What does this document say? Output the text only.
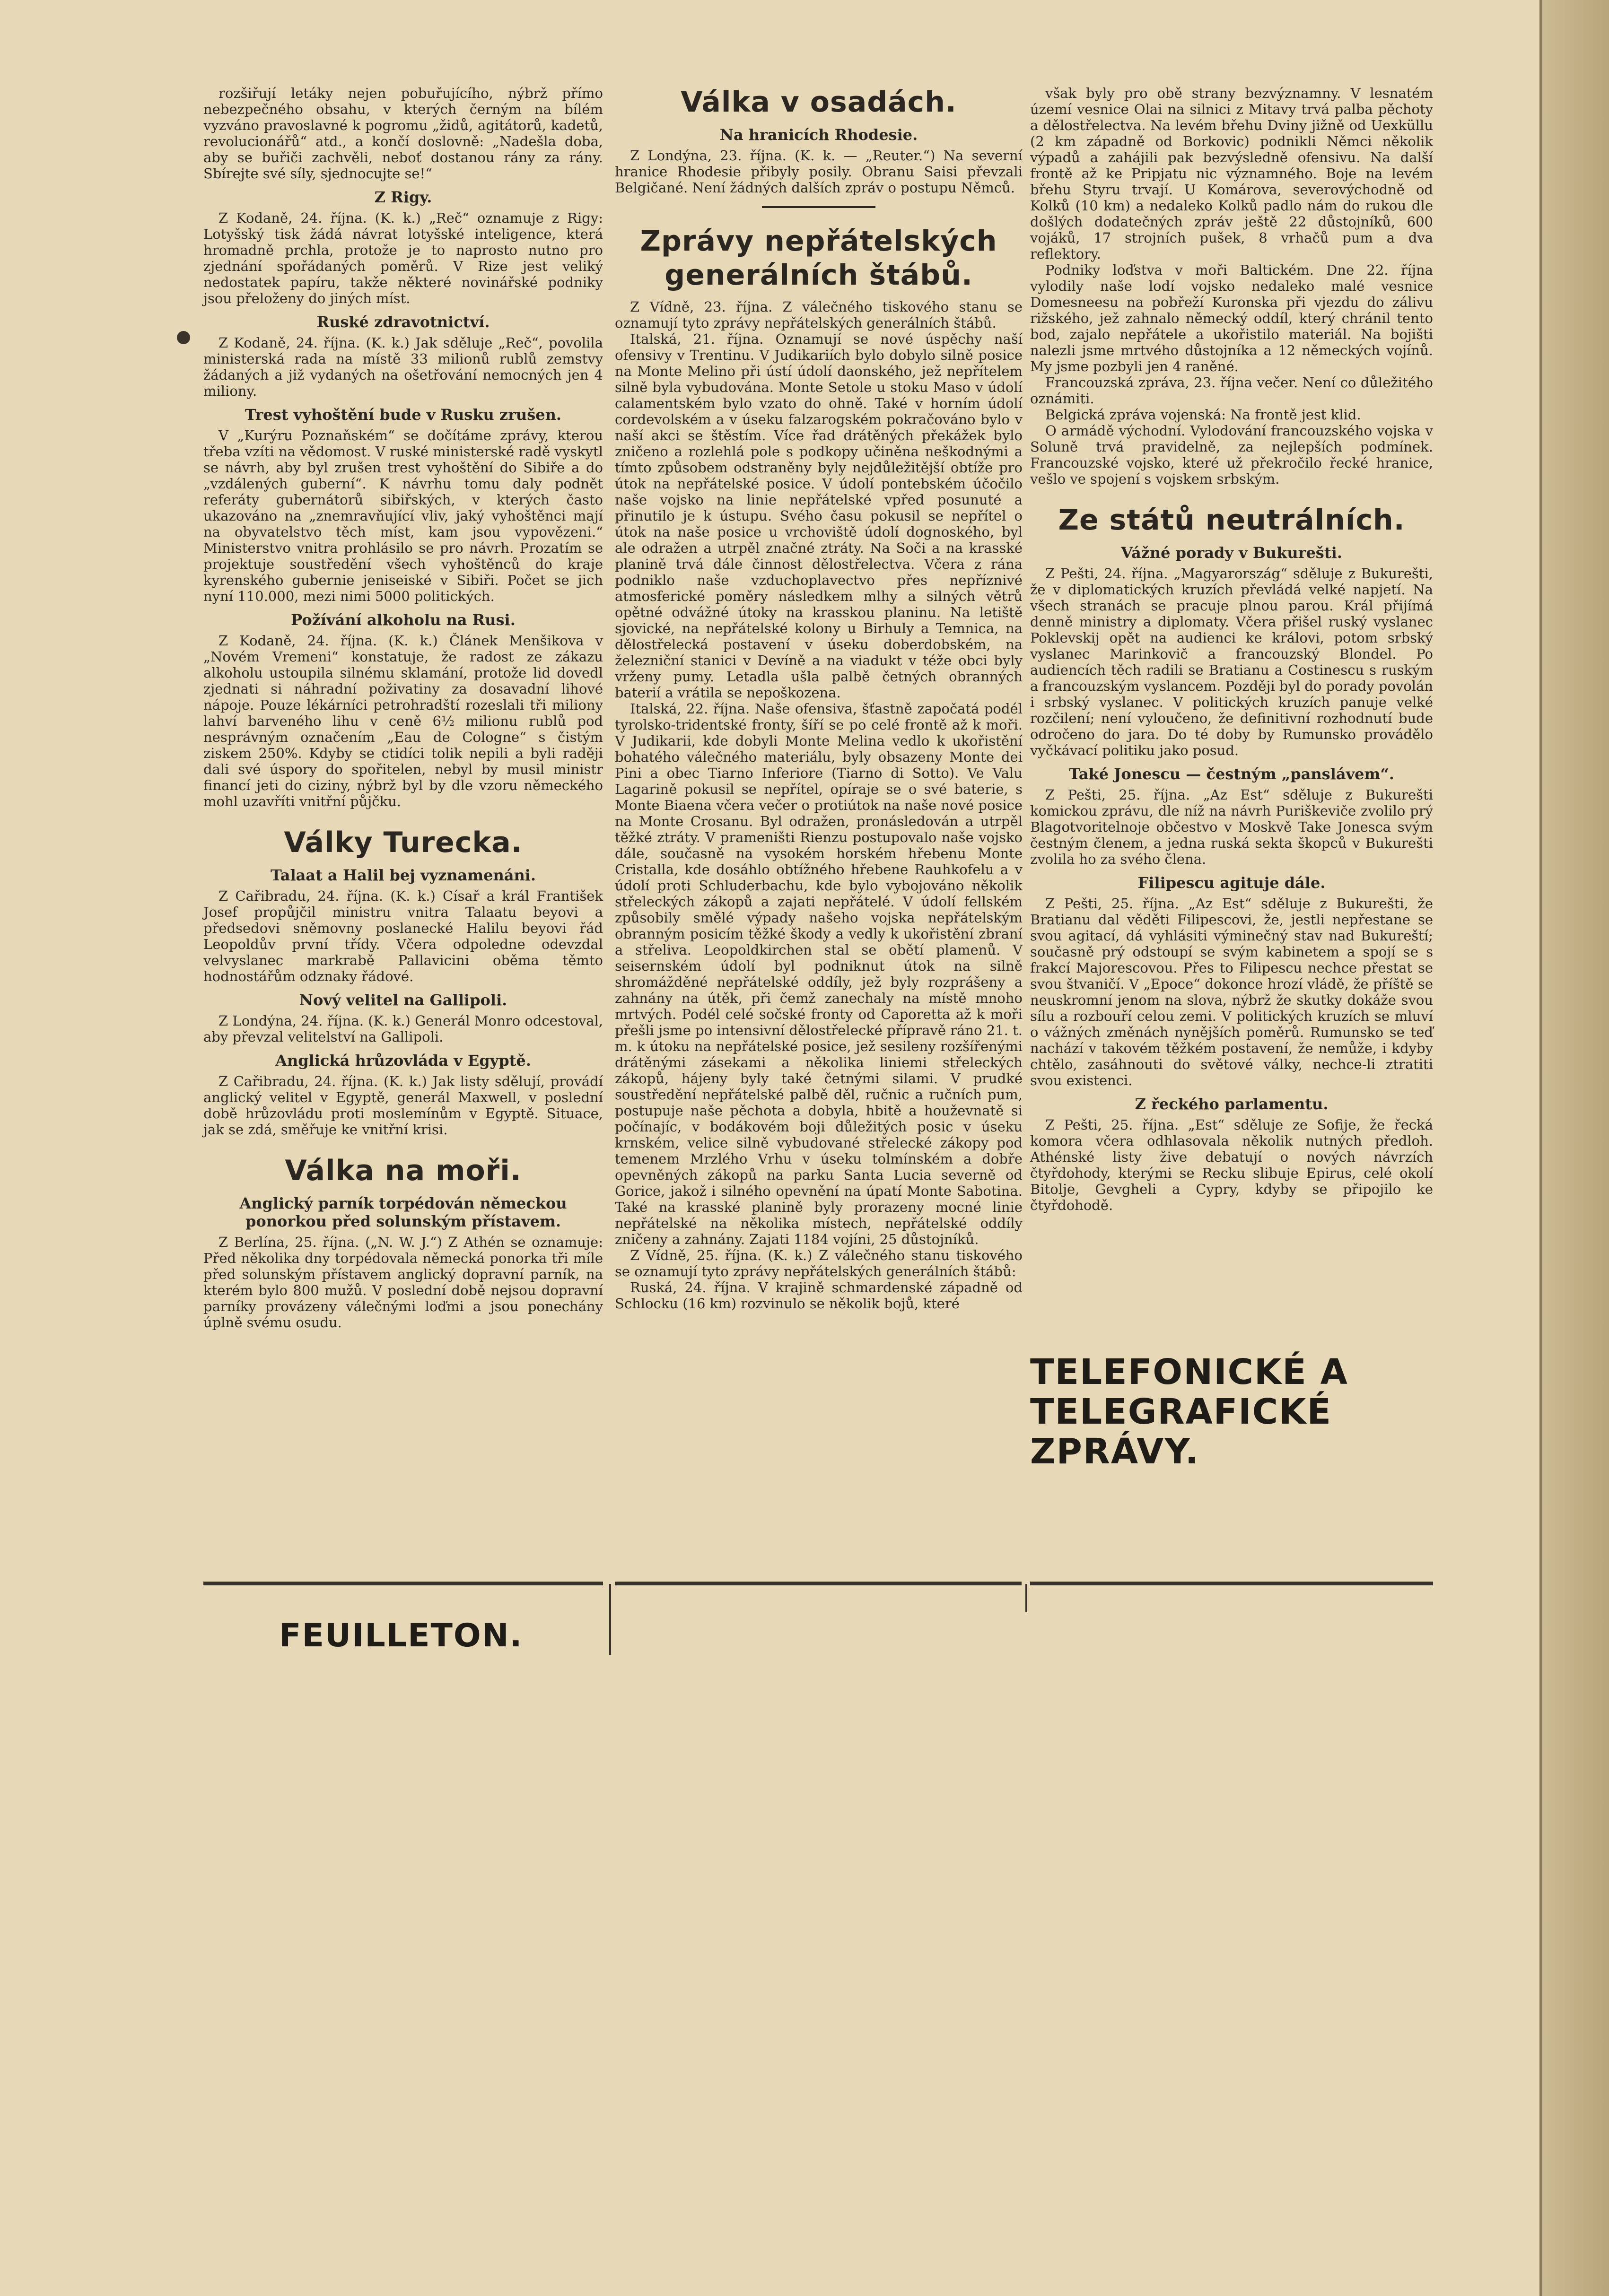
rozšiřují letáky nejen pobuřujícího, nýbrž přímo nebezpečného obsahu, v kterých černým na bílém vyzváno pravoslavné k pogromu „židů, agitátorů, kadetů, revolucionářů“ atd., a končí doslovně: „Nadešla doba, aby se buřiči zachvěli, neboť dostanou rány za rány. Sbírejte své síly, sjednocujte se!“

Z Rigy.

Z Kodaně, 24. října. (K. k.) „Reč“ oznamuje z Rigy: Lotyšský tisk žádá návrat lotyšské inteligence, která hromadně prchla, protože je to naprosto nutno pro zjednání spořádaných poměrů. V Rize jest veliký nedostatek papíru, takže některé novinářské podniky jsou přeloženy do jiných míst.

Ruské zdravotnictví.

Z Kodaně, 24. října. (K. k.) Jak sděluje „Reč“, povolila ministerská rada na místě 33 milionů rublů zemstvy žádaných a již vydaných na ošetřování nemocných jen 4 miliony.

Trest vyhoštění bude v Rusku zrušen.

V „Kurýru Poznaňském“ se dočítáme zprávy, kterou třeba vzíti na vědomost. V ruské ministerské radě vyskytl se návrh, aby byl zrušen trest vyhoštění do Sibiře a do „vzdálených guberní“. K návrhu tomu daly podnět referáty gubernátorů sibiřských, v kterých často ukazováno na „znemravňující vliv, jaký vyhoštěnci mají na obyvatelstvo těch míst, kam jsou vypovězeni.“ Ministerstvo vnitra prohlásilo se pro návrh. Prozatím se projektuje soustředění všech vyhoštěnců do kraje kyrenského gubernie jeniseiské v Sibiři. Počet se jich nyní 110.000, mezi nimi 5000 politických.

Požívání alkoholu na Rusi.

Z Kodaně, 24. října. (K. k.) Článek Menšikova v „Novém Vremeni“ konstatuje, že radost ze zákazu alkoholu ustoupila silnému sklamání, protože lid dovedl zjednati si náhradní poživatiny za dosavadní lihové nápoje. Pouze lékárníci petrohradští rozeslali tři miliony lahví barveného lihu v ceně 6½ milionu rublů pod nesprávným označením „Eau de Cologne“ s čistým ziskem 250%. Kdyby se ctidíci tolik nepili a byli raději dali své úspory do spořitelen, nebyl by musil ministr financí jeti do ciziny, nýbrž byl by dle vzoru německého mohl uzavříti vnitřní půjčku.

Války Turecka.
Talaat a Halil bej vyznamenáni.

Z Cařibradu, 24. října. (K. k.) Císař a král František Josef propůjčil ministru vnitra Talaatu beyovi a předsedovi sněmovny poslanecké Halilu beyovi řád Leopoldův první třídy. Včera odpoledne odevzdal velvyslanec markrabě Pallavicini oběma těmto hodnostářům odznaky řádové.

Nový velitel na Gallipoli.

Z Londýna, 24. října. (K. k.) Generál Monro odcestoval, aby převzal velitelství na Gallipoli.

Anglická hrůzovláda v Egyptě.

Z Cařibradu, 24. října. (K. k.) Jak listy sdělují, provádí anglický velitel v Egyptě, generál Maxwell, v poslední době hrůzovládu proti moslemínům v Egyptě. Situace, jak se zdá, směřuje ke vnitřní krisi.

Válka na moři.
Anglický parník torpédován německou ponorkou před solunským přístavem.

Z Berlína, 25. října. („N. W. J.“) Z Athén se oznamuje: Před několika dny torpédovala německá ponorka tři míle před solunským přístavem anglický dopravní parník, na kterém bylo 800 mužů. V poslední době nejsou dopravní parníky provázeny válečnými loďmi a jsou ponechány úplně svému osudu.

Válka v osadách.
Na hranicích Rhodesie.

Z Londýna, 23. října. (K. k. — „Reuter.“) Na severní hranice Rhodesie přibyly posily. Obranu Saisi převzali Belgičané. Není žádných dalších zpráv o postupu Němců.

Zprávy nepřátelských generálních štábů.

Z Vídně, 23. října. Z válečného tiskového stanu se oznamují tyto zprávy nepřátelských generálních štábů.

Italská, 21. října. Oznamují se nové úspěchy naší ofensivy v Trentinu. V Judikariích bylo dobylo silně posice na Monte Melino při ústí údolí daonského, jež nepřítelem silně byla vybudována. Monte Setole u stoku Maso v údolí calamentském bylo vzato do ohně. Také v horním údolí cordevolském a v úseku falzarogském pokračováno bylo v naší akci se štěstím. Více řad drátěných překážek bylo zničeno a rozlehlá pole s podkopy učiněna neškodnými a tímto způsobem odstraněny byly nejdůležitější obtíže pro útok na nepřátelské posice. V údolí pontebském účočilo naše vojsko na linie nepřátelské vpřed posunuté a přinutilo je k ústupu. Svého času pokusil se nepřítel o útok na naše posice u vrchoviště údolí dognoského, byl ale odražen a utrpěl značné ztráty. Na Soči a na krasské planině trvá dále činnost dělostřelectva. Včera z rána podniklo naše vzduchoplavectvo přes nepříznivé atmosferické poměry následkem mlhy a silných větrů opětné odvážné útoky na krasskou planinu. Na letiště sjovické, na nepřátelské kolony u Birhuly a Temnica, na dělostřelecká postavení v úseku doberdobském, na železniční stanici v Devíně a na viadukt v téže obci byly vrženy pumy. Letadla ušla palbě četných obranných baterií a vrátila se nepoškozena.

Italská, 22. října. Naše ofensiva, šťastně započatá podél tyrolsko-tridentské fronty, šíří se po celé frontě až k moři. V Judikarii, kde dobyli Monte Melina vedlo k ukořistění bohatého válečného materiálu, byly obsazeny Monte dei Pini a obec Tiarno Inferiore (Tiarno di Sotto). Ve Valu Lagarině pokusil se nepřítel, opíraje se o své baterie, s Monte Biaena včera večer o protiútok na naše nové posice na Monte Crosanu. Byl odražen, pronásledován a utrpěl těžké ztráty. V prameništi Rienzu postupovalo naše vojsko dále, současně na vysokém horském hřebenu Monte Cristalla, kde dosáhlo obtížného hřebene Rauhkofelu a v údolí proti Schluderbachu, kde bylo vybojováno několik střeleckých zákopů a zajati nepřátelé. V údolí fellském způsobily smělé výpady našeho vojska nepřátelským obranným posicím těžké škody a vedly k ukořistění zbraní a střeliva. Leopoldkirchen stal se obětí plamenů. V seisernském údolí byl podniknut útok na silně shromážděné nepřátelské oddíly, jež byly rozprášeny a zahnány na útěk, při čemž zanechaly na místě mnoho mrtvých. Podél celé sočské fronty od Caporetta až k moři přešli jsme po intensivní dělostřelecké přípravě ráno 21. t. m. k útoku na nepřátelské posice, jež sesileny rozšířenými drátěnými zásekami a několika liniemi střeleckých zákopů, hájeny byly také četnými silami. V prudké soustředění nepřátelské palbě děl, ručnic a ručních pum, postupuje naše pěchota a dobyla, hbitě a houževnatě si počínajíc, v bodákovém boji důležitých posic v úseku krnském, velice silně vybudované střelecké zákopy pod temenem Mrzlého Vrhu v úseku tolmínském a dobře opevněných zákopů na parku Santa Lucia severně od Gorice, jakož i silného opevnění na úpatí Monte Sabotina. Také na krasské planině byly prorazeny mocné linie nepřátelské na několika místech, nepřátelské oddíly zničeny a zahnány. Zajati 1184 vojíni, 25 důstojníků.

Z Vídně, 25. října. (K. k.) Z válečného stanu tiskového se oznamují tyto zprávy nepřátelských generálních štábů:

Ruská, 24. října. V krajině schmardenské západně od Schlocku (16 km) rozvinulo se několik bojů, které

však byly pro obě strany bezvýznamny. V lesnatém území vesnice Olai na silnici z Mitavy trvá palba pěchoty a dělostřelectva. Na levém břehu Dviny jižně od Uexküllu (2 km západně od Borkovic) podnikli Němci několik výpadů a zahájili pak bezvýsledně ofensivu. Na další frontě až ke Pripjatu nic významného. Boje na levém břehu Styru trvají. U Komárova, severovýchodně od Kolků (10 km) a nedaleko Kolků padlo nám do rukou dle došlých dodatečných zpráv ještě 22 důstojníků, 600 vojáků, 17 strojních pušek, 8 vrhačů pum a dva reflektory.

Podniky loďstva v moři Baltickém. Dne 22. října vylodily naše lodí vojsko nedaleko malé vesnice Domesneesu na pobřeží Kuronska při vjezdu do zálivu rižského, jež zahnalo německý oddíl, který chránil tento bod, zajalo nepřátele a ukořistilo materiál. Na bojišti nalezli jsme mrtvého důstojníka a 12 německých vojínů. My jsme pozbyli jen 4 raněné.

Francouzská zpráva, 23. října večer. Není co důležitého oznámiti.

Belgická zpráva vojenská: Na frontě jest klid.

O armádě východní. Vylodování francouzského vojska v Soluně trvá pravidelně, za nejlepších podmínek. Francouzské vojsko, které už překročilo řecké hranice, vešlo ve spojení s vojskem srbským.

Ze států neutrálních.
Vážné porady v Bukurešti.

Z Pešti, 24. října. „Magyarország“ sděluje z Bukurešti, že v diplomatických kruzích převládá velké napjetí. Na všech stranách se pracuje plnou parou. Král přijímá denně ministry a diplomaty. Včera přišel ruský vyslanec Poklevskij opět na audienci ke královi, potom srbský vyslanec Marinkovič a francouzský Blondel. Po audiencích těch radili se Bratianu a Costinescu s ruským a francouzským vyslancem. Později byl do porady povolán i srbský vyslanec. V politických kruzích panuje velké rozčilení; není vyloučeno, že definitivní rozhodnutí bude odročeno do jara. Do té doby by Rumunsko provádělo vyčkávací politiku jako posud.

Také Jonescu — čestným „panslávem“.

Z Pešti, 25. října. „Az Est“ sděluje z Bukurešti komickou zprávu, dle níž na návrh Puriškeviče zvolilo prý Blagotvoritelnoje občestvo v Moskvě Take Jonesca svým čestným členem, a jedna ruská sekta škopců v Bukurešti zvolila ho za svého člena.

Filipescu agituje dále.

Z Pešti, 25. října. „Az Est“ sděluje z Bukurešti, že Bratianu dal věděti Filipescovi, že, jestli nepřestane se svou agitací, dá vyhlásiti výminečný stav nad Bukureští; současně prý odstoupí se svým kabinetem a spojí se s frakcí Majorescovou. Přes to Filipescu nechce přestat se svou štvaničí. V „Epoce“ dokonce hrozí vládě, že příště se neuskromní jenom na slova, nýbrž že skutky dokáže svou sílu a rozbouří celou zemi. V politických kruzích se mluví o vážných změnách nynějších poměrů. Rumunsko se teď nachází v takovém těžkém postavení, že nemůže, i kdyby chtělo, zasáhnouti do světové války, nechce-li ztratiti svou existenci.

Z řeckého parlamentu.

Z Pešti, 25. října. „Est“ sděluje ze Sofije, že řecká komora včera odhlasovala několik nutných předloh. Athénské listy žive debatují o nových návrzích čtyřdohody, kterými se Recku slibuje Epirus, celé okolí Bitolje, Gevgheli a Cypry, kdyby se připojilo ke čtyřdohodě.

TELEFONICKÉ A TELEGRAFICKÉ ZPRÁVY.
FEUILLETON.
